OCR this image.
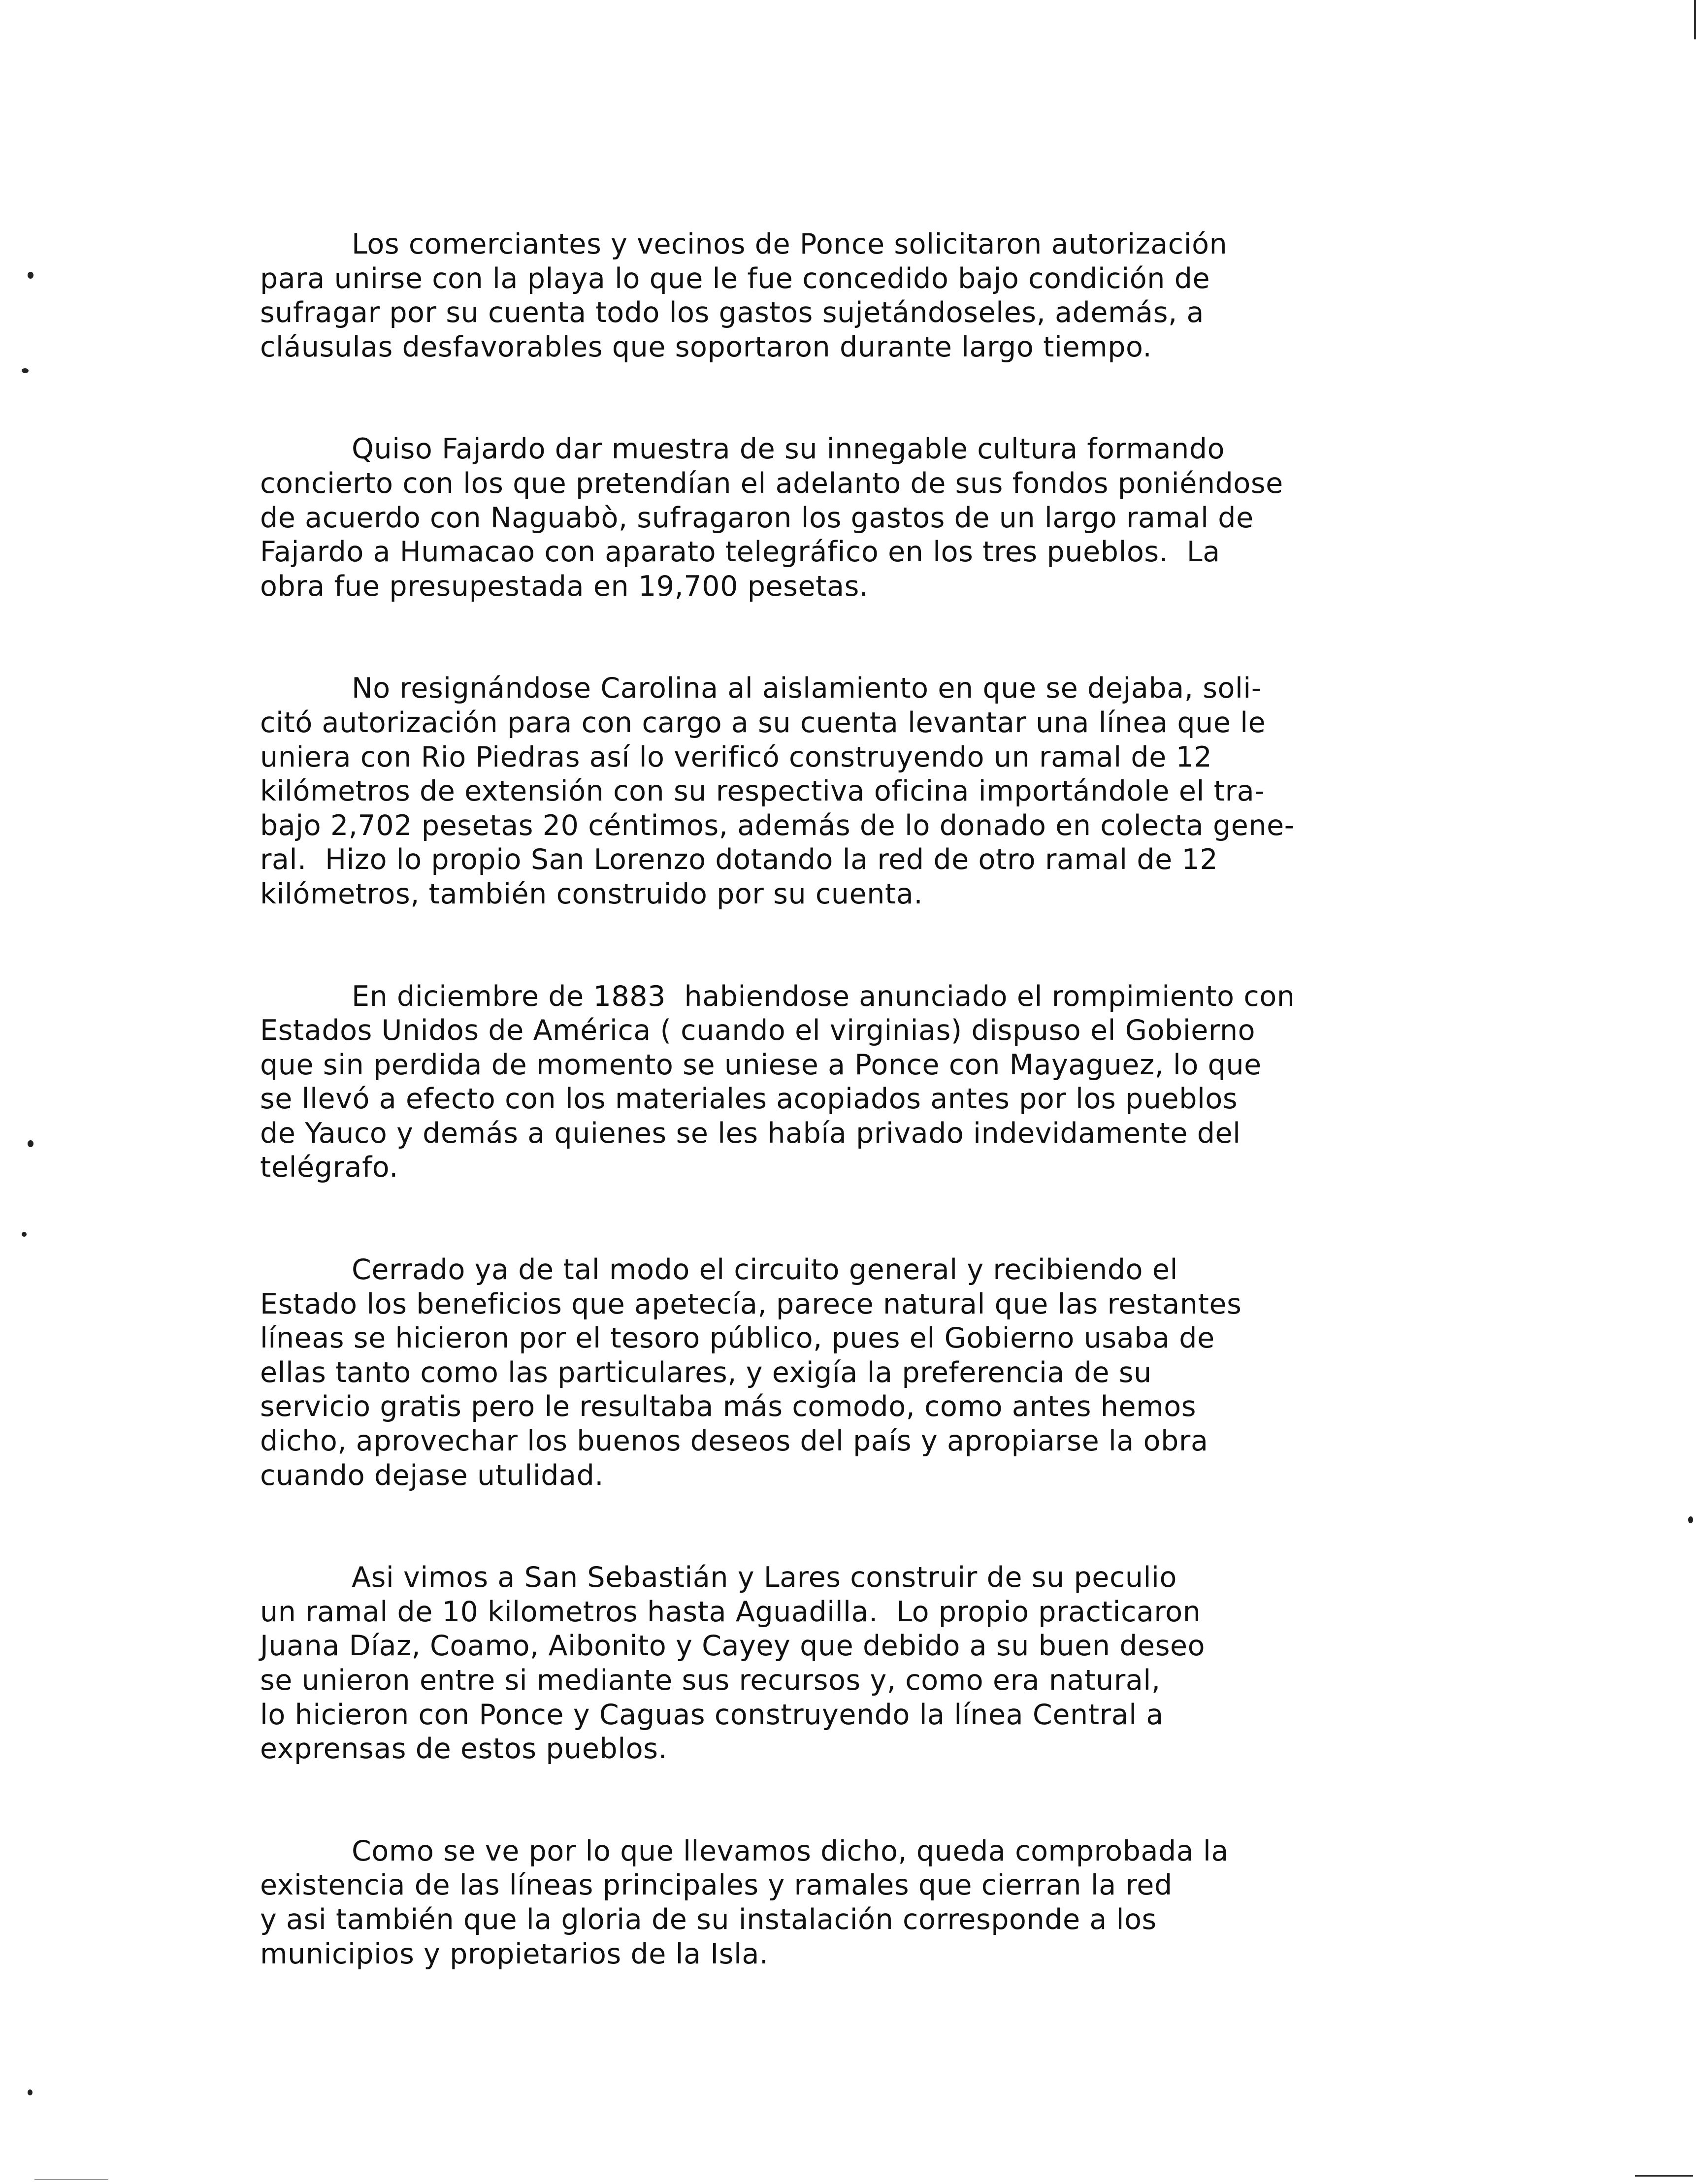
Los comerciantes y vecinos de Ponce solicitaron autorización
para unirse con la playa lo que le fue concedido bajo condición de
sufragar por su cuenta todo los gastos sujetándoseles, además, a
cláusulas desfavorables que soportaron durante largo tiempo.

Quiso Fajardo dar muestra de su innegable cultura formando
concierto con los que pretendían el adelanto de sus fondos poniéndose
de acuerdo con Naguabò, sufragaron los gastos de un largo ramal de
Fajardo a Humacao con aparato telegráfico en los tres pueblos.  La
obra fue presupestada en 19,700 pesetas.

No resignándose Carolina al aislamiento en que se dejaba, soli-
citó autorización para con cargo a su cuenta levantar una línea que le
uniera con Rio Piedras así lo verificó construyendo un ramal de 12
kilómetros de extensión con su respectiva oficina importándole el tra-
bajo 2,702 pesetas 20 céntimos, además de lo donado en colecta gene-
ral.  Hizo lo propio San Lorenzo dotando la red de otro ramal de 12
kilómetros, también construido por su cuenta.

En diciembre de 1883  habiendose anunciado el rompimiento con
Estados Unidos de América ( cuando el virginias) dispuso el Gobierno
que sin perdida de momento se uniese a Ponce con Mayaguez, lo que
se llevó a efecto con los materiales acopiados antes por los pueblos
de Yauco y demás a quienes se les había privado indevidamente del
telégrafo.

Cerrado ya de tal modo el circuito general y recibiendo el
Estado los beneficios que apetecía, parece natural que las restantes
líneas se hicieron por el tesoro público, pues el Gobierno usaba de
ellas tanto como las particulares, y exigía la preferencia de su
servicio gratis pero le resultaba más comodo, como antes hemos
dicho, aprovechar los buenos deseos del país y apropiarse la obra
cuando dejase utulidad.

Asi vimos a San Sebastián y Lares construir de su peculio
un ramal de 10 kilometros hasta Aguadilla.  Lo propio practicaron
Juana Díaz, Coamo, Aibonito y Cayey que debido a su buen deseo
se unieron entre si mediante sus recursos y, como era natural,
lo hicieron con Ponce y Caguas construyendo la línea Central a
exprensas de estos pueblos.

Como se ve por lo que llevamos dicho, queda comprobada la
existencia de las líneas principales y ramales que cierran la red
y asi también que la gloria de su instalación corresponde a los
municipios y propietarios de la Isla.
